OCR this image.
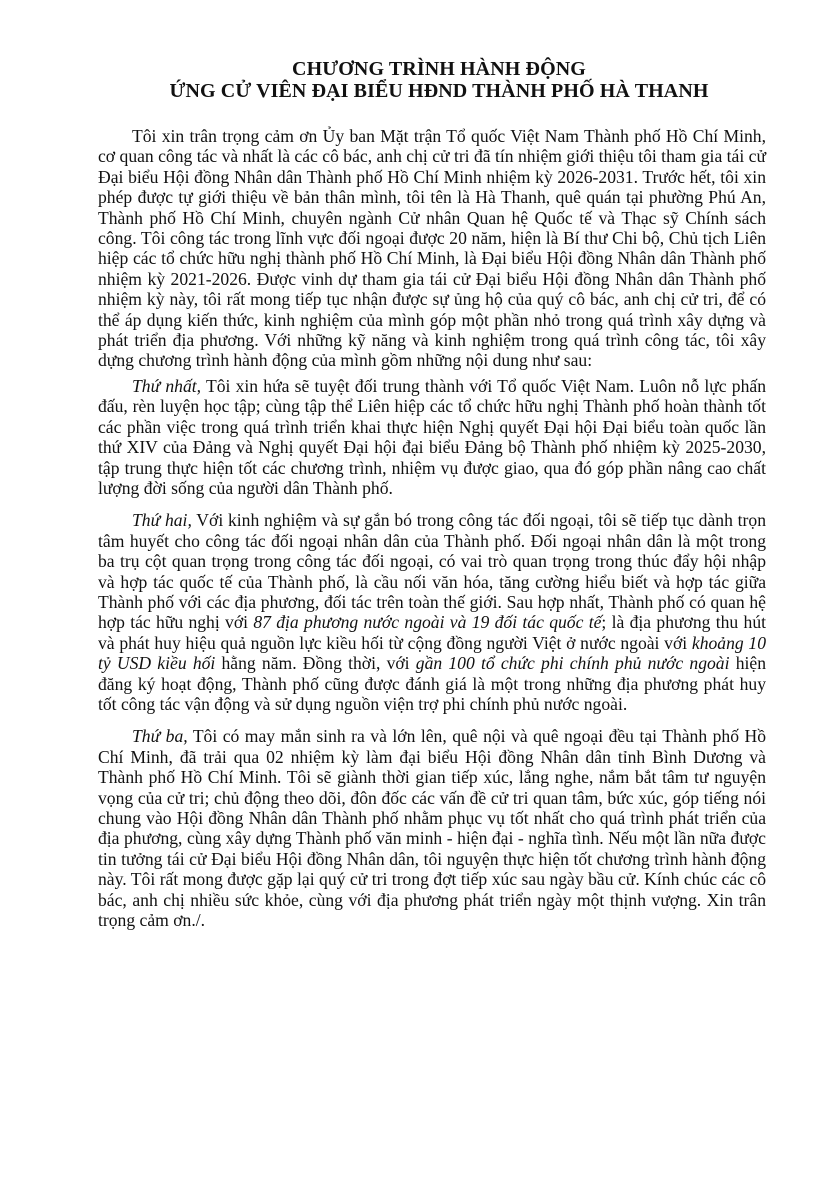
CHƯƠNG TRÌNH HÀNH ĐỘNG

ỨNG CỬ VIÊN ĐẠI BIỂU HĐND THÀNH PHỐ HÀ THANH

Tôi xin trân trọng cảm ơn Ủy ban Mặt trận Tổ quốc Việt Nam Thành phố Hồ Chí Minh, cơ quan công tác và nhất là các cô bác, anh chị cử tri đã tín nhiệm giới thiệu tôi tham gia tái cử Đại biểu Hội đồng Nhân dân Thành phố Hồ Chí Minh nhiệm kỳ 2026-2031. Trước hết, tôi xin phép được tự giới thiệu về bản thân mình, tôi tên là Hà Thanh, quê quán tại phường Phú An, Thành phố Hồ Chí Minh, chuyên ngành Cử nhân Quan hệ Quốc tế và Thạc sỹ Chính sách công. Tôi công tác trong lĩnh vực đối ngoại được 20 năm, hiện là Bí thư Chi bộ, Chủ tịch Liên hiệp các tổ chức hữu nghị thành phố Hồ Chí Minh, là Đại biểu Hội đồng Nhân dân Thành phố nhiệm kỳ 2021-2026. Được vinh dự tham gia tái cử Đại biểu Hội đồng Nhân dân Thành phố nhiệm kỳ này, tôi rất mong tiếp tục nhận được sự ủng hộ của quý cô bác, anh chị cử tri, để có thể áp dụng kiến thức, kinh nghiệm của mình góp một phần nhỏ trong quá trình xây dựng và phát triển địa phương. Với những kỹ năng và kinh nghiệm trong quá trình công tác, tôi xây dựng chương trình hành động của mình gồm những nội dung như sau:

Thứ nhất, Tôi xin hứa sẽ tuyệt đối trung thành với Tổ quốc Việt Nam. Luôn nỗ lực phấn đấu, rèn luyện học tập; cùng tập thể Liên hiệp các tổ chức hữu nghị Thành phố hoàn thành tốt các phần việc trong quá trình triển khai thực hiện Nghị quyết Đại hội Đại biểu toàn quốc lần thứ XIV của Đảng và Nghị quyết Đại hội đại biểu Đảng bộ Thành phố nhiệm kỳ 2025-2030, tập trung thực hiện tốt các chương trình, nhiệm vụ được giao, qua đó góp phần nâng cao chất lượng đời sống của người dân Thành phố.

Thứ hai, Với kinh nghiệm và sự gắn bó trong công tác đối ngoại, tôi sẽ tiếp tục dành trọn tâm huyết cho công tác đối ngoại nhân dân của Thành phố. Đối ngoại nhân dân là một trong ba trụ cột quan trọng trong công tác đối ngoại, có vai trò quan trọng trong thúc đẩy hội nhập và hợp tác quốc tế của Thành phố, là cầu nối văn hóa, tăng cường hiểu biết và hợp tác giữa Thành phố với các địa phương, đối tác trên toàn thế giới. Sau hợp nhất, Thành phố có quan hệ hợp tác hữu nghị với 87 địa phương nước ngoài và 19 đối tác quốc tế; là địa phương thu hút và phát huy hiệu quả nguồn lực kiều hối từ cộng đồng người Việt ở nước ngoài với khoảng 10 tỷ USD kiều hối hằng năm. Đồng thời, với gần 100 tổ chức phi chính phủ nước ngoài hiện đăng ký hoạt động, Thành phố cũng được đánh giá là một trong những địa phương phát huy tốt công tác vận động và sử dụng nguồn viện trợ phi chính phủ nước ngoài.

Thứ ba, Tôi có may mắn sinh ra và lớn lên, quê nội và quê ngoại đều tại Thành phố Hồ Chí Minh, đã trải qua 02 nhiệm kỳ làm đại biểu Hội đồng Nhân dân tỉnh Bình Dương và Thành phố Hồ Chí Minh. Tôi sẽ giành thời gian tiếp xúc, lắng nghe, nắm bắt tâm tư nguyện vọng của cử tri; chủ động theo dõi, đôn đốc các vấn đề cử tri quan tâm, bức xúc, góp tiếng nói chung vào Hội đồng Nhân dân Thành phố nhằm phục vụ tốt nhất cho quá trình phát triển của địa phương, cùng xây dựng Thành phố văn minh - hiện đại - nghĩa tình. Nếu một lần nữa được tin tưởng tái cử Đại biểu Hội đồng Nhân dân, tôi nguyện thực hiện tốt chương trình hành động này. Tôi rất mong được gặp lại quý cử tri trong đợt tiếp xúc sau ngày bầu cử. Kính chúc các cô bác, anh chị nhiều sức khỏe, cùng với địa phương phát triển ngày một thịnh vượng. Xin trân trọng cảm ơn./.
